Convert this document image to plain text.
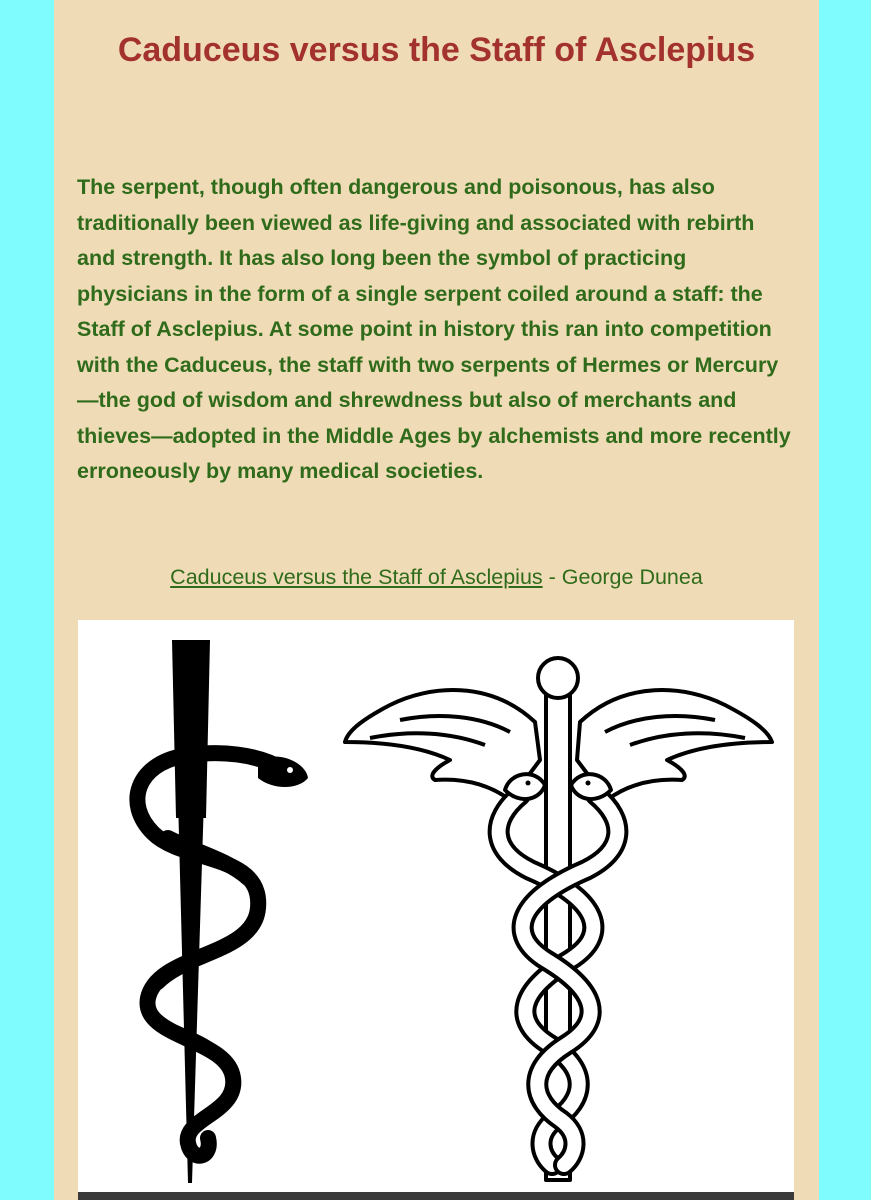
Caduceus versus the Staff of Asclepius

The serpent, though often dangerous and poisonous, has also traditionally been viewed as life-giving and associated with rebirth and strength. It has also long been the symbol of practicing physicians in the form of a single serpent coiled around a staff: the Staff of Asclepius. At some point in history this ran into competition with the Caduceus, the staff with two serpents of Hermes or Mercury—the god of wisdom and shrewdness but also of merchants and thieves—adopted in the Middle Ages by alchemists and more recently erroneously by many medical societies.

Caduceus versus the Staff of Asclepius - George Dunea
